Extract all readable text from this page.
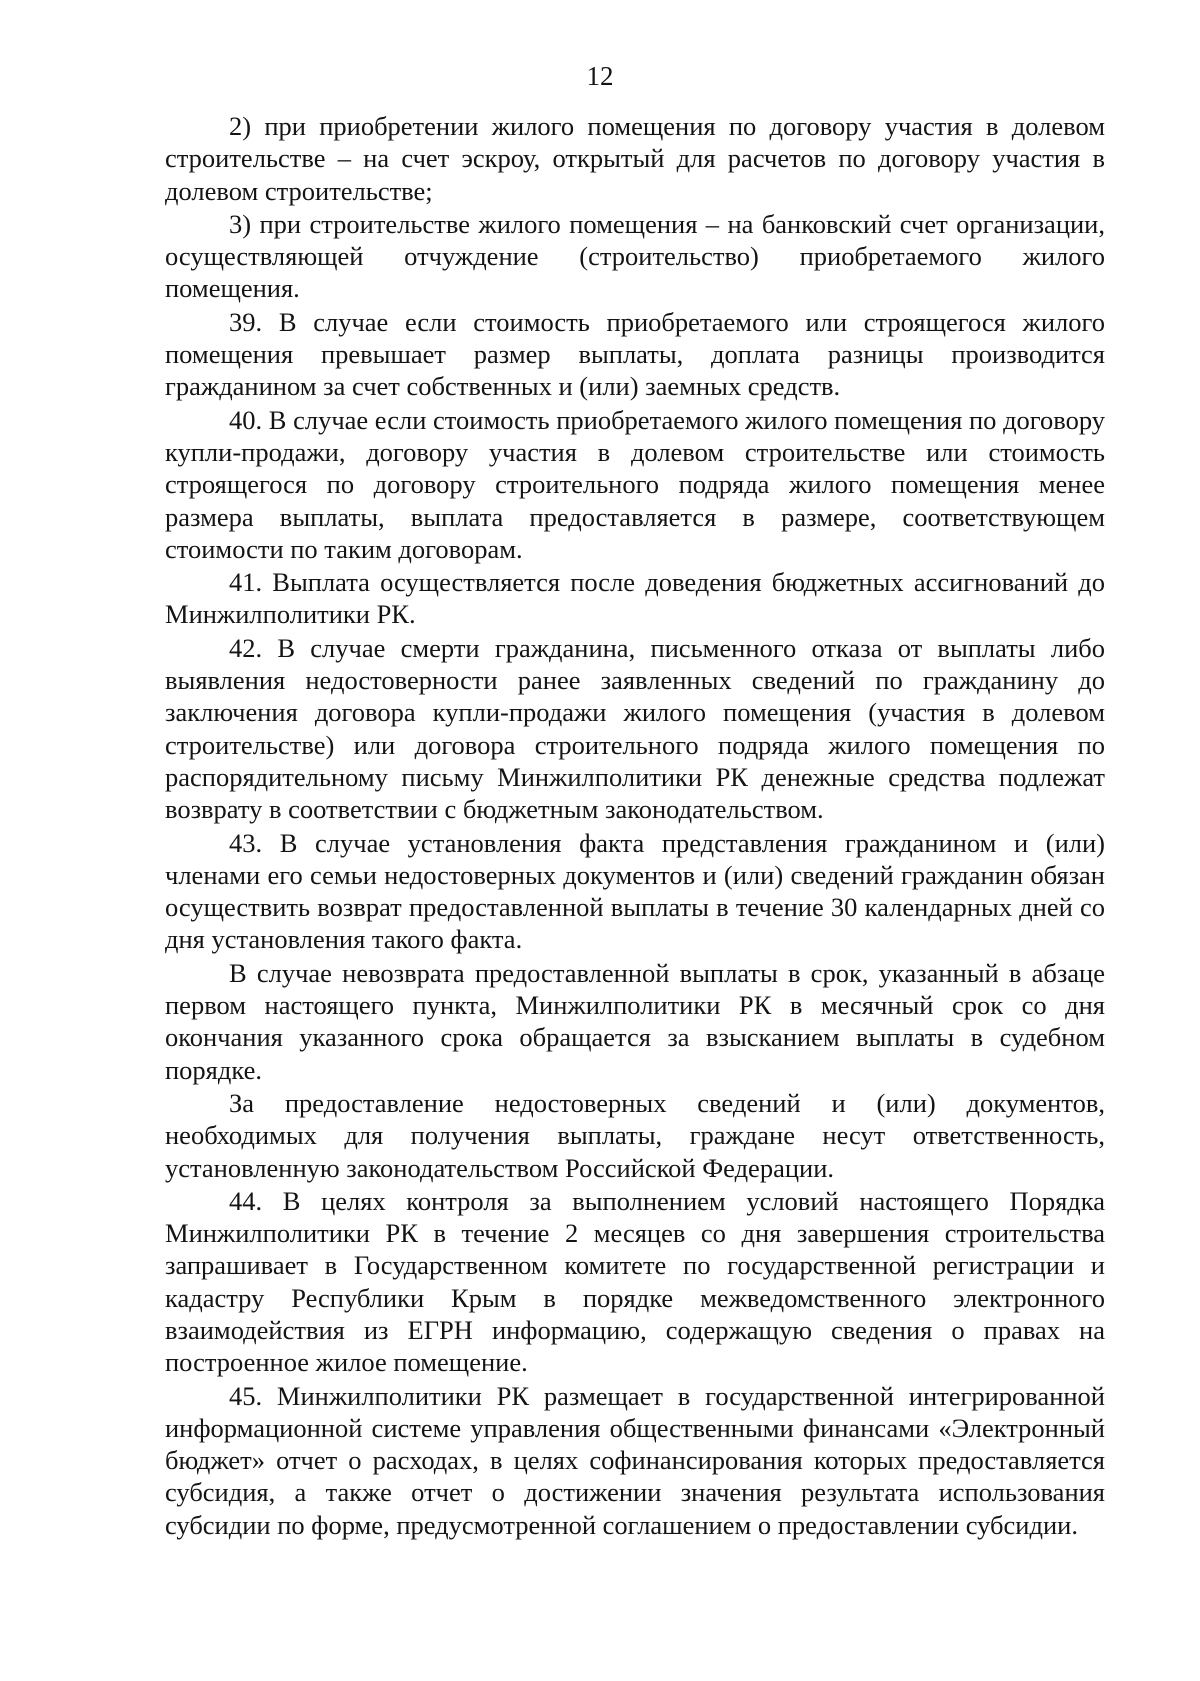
12

2) при приобретении жилого помещения по договору участия в долевом строительстве – на счет эскроу, открытый для расчетов по договору участия в долевом строительстве;

3) при строительстве жилого помещения – на банковский счет организации, осуществляющей отчуждение (строительство) приобретаемого жилого помещения.

39. В случае если стоимость приобретаемого или строящегося жилого помещения превышает размер выплаты, доплата разницы производится гражданином за счет собственных и (или) заемных средств.

40. В случае если стоимость приобретаемого жилого помещения по договору купли-продажи, договору участия в долевом строительстве или стоимость строящегося по договору строительного подряда жилого помещения менее размера выплаты, выплата предоставляется в размере, соответствующем стоимости по таким договорам.

41. Выплата осуществляется после доведения бюджетных ассигнований до Минжилполитики РК.

42. В случае смерти гражданина, письменного отказа от выплаты либо выявления недостоверности ранее заявленных сведений по гражданину до заключения договора купли-продажи жилого помещения (участия в долевом строительстве) или договора строительного подряда жилого помещения по распорядительному письму Минжилполитики РК денежные средства подлежат возврату в соответствии с бюджетным законодательством.

43. В случае установления факта представления гражданином и (или) членами его семьи недостоверных документов и (или) сведений гражданин обязан осуществить возврат предоставленной выплаты в течение 30 календарных дней со дня установления такого факта.

В случае невозврата предоставленной выплаты в срок, указанный в абзаце первом настоящего пункта, Минжилполитики РК в месячный срок со дня окончания указанного срока обращается за взысканием выплаты в судебном порядке.

За предоставление недостоверных сведений и (или) документов, необходимых для получения выплаты, граждане несут ответственность, установленную законодательством Российской Федерации.

44. В целях контроля за выполнением условий настоящего Порядка Минжилполитики РК в течение 2 месяцев со дня завершения строительства запрашивает в Государственном комитете по государственной регистрации и кадастру Республики Крым в порядке межведомственного электронного взаимодействия из ЕГРН информацию, содержащую сведения о правах на построенное жилое помещение.

45. Минжилполитики РК размещает в государственной интегрированной информационной системе управления общественными финансами «Электронный бюджет» отчет о расходах, в целях софинансирования которых предоставляется субсидия, а также отчет о достижении значения результата использования субсидии по форме, предусмотренной соглашением о предоставлении субсидии.
